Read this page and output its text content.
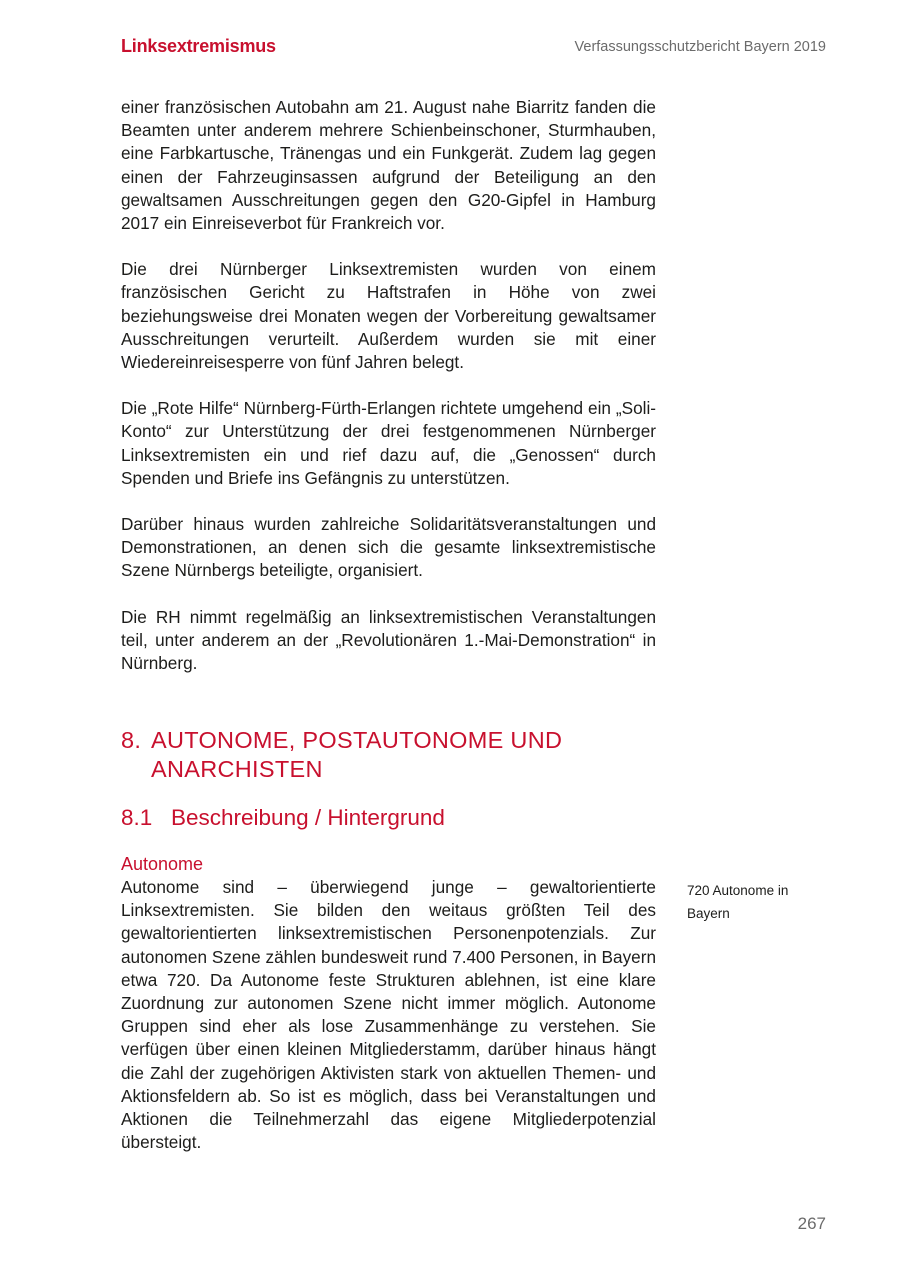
Linksextremismus	Verfassungsschutzbericht Bayern 2019

einer französischen Autobahn am 21. August nahe Biarritz fanden die Beamten unter anderem mehrere Schienbeinschoner, Sturmhauben, eine Farbkartusche, Tränengas und ein Funkgerät. Zudem lag gegen einen der Fahrzeuginsassen aufgrund der Beteiligung an den gewaltsamen Ausschreitungen gegen den G20-Gipfel in Hamburg 2017 ein Einreiseverbot für Frankreich vor.

Die drei Nürnberger Linksextremisten wurden von einem französischen Gericht zu Haftstrafen in Höhe von zwei beziehungsweise drei Monaten wegen der Vorbereitung gewaltsamer Ausschreitungen verurteilt. Außerdem wurden sie mit einer Wiedereinreisesperre von fünf Jahren belegt.

Die „Rote Hilfe“ Nürnberg-Fürth-Erlangen richtete umgehend ein „Soli-Konto“ zur Unterstützung der drei festgenommenen Nürnberger Linksextremisten ein und rief dazu auf, die „Genossen“ durch Spenden und Briefe ins Gefängnis zu unterstützen.

Darüber hinaus wurden zahlreiche Solidaritätsveranstaltungen und Demonstrationen, an denen sich die gesamte linksextremistische Szene Nürnbergs beteiligte, organisiert.

Die RH nimmt regelmäßig an linksextremistischen Veranstaltungen teil, unter anderem an der „Revolutionären 1.-Mai-Demonstration“ in Nürnberg.

8. AUTONOME, POSTAUTONOME UND ANARCHISTEN
8.1 Beschreibung / Hintergrund
Autonome

Autonome sind – überwiegend junge – gewaltorientierte Linksextremisten. Sie bilden den weitaus größten Teil des gewaltorientierten linksextremistischen Personenpotenzials. Zur autonomen Szene zählen bundesweit rund 7.400 Personen, in Bayern etwa 720. Da Autonome feste Strukturen ablehnen, ist eine klare Zuordnung zur autonomen Szene nicht immer möglich. Autonome Gruppen sind eher als lose Zusammenhänge zu verstehen. Sie verfügen über einen kleinen Mitgliederstamm, darüber hinaus hängt die Zahl der zugehörigen Aktivisten stark von aktuellen Themen- und Aktionsfeldern ab. So ist es möglich, dass bei Veranstaltungen und Aktionen die Teilnehmerzahl das eigene Mitgliederpotenzial übersteigt.

720 Autonome in Bayern
267
